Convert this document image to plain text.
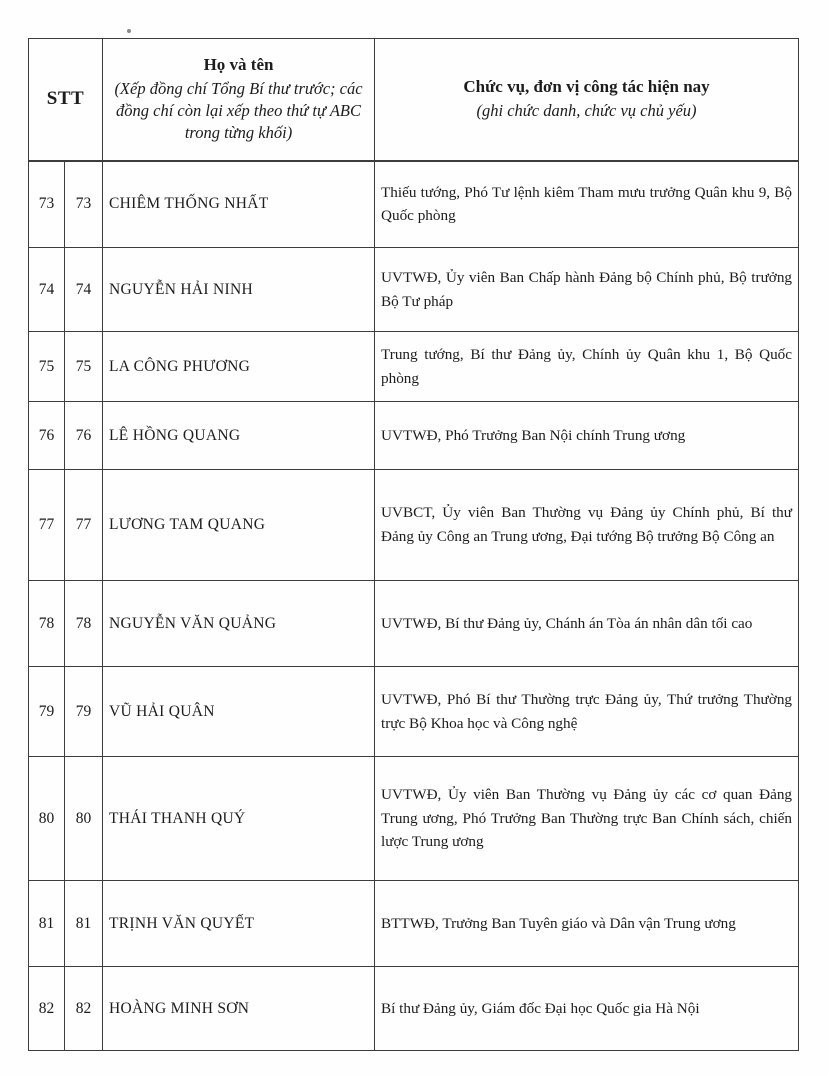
STT	
Họ và tên
(Xếp đồng chí Tổng Bí thư trước; các đồng chí còn lại xếp theo thứ tự ABC trong từng khối)

Chức vụ, đơn vị công tác hiện nay
(ghi chức danh, chức vụ chủ yếu)

73	73	CHIÊM THỐNG NHẤT	Thiếu tướng, Phó Tư lệnh kiêm Tham mưu trưởng Quân khu 9, Bộ Quốc phòng
74	74	NGUYỄN HẢI NINH	UVTWĐ, Ủy viên Ban Chấp hành Đảng bộ Chính phủ, Bộ trưởng Bộ Tư pháp
75	75	LA CÔNG PHƯƠNG	Trung tướng, Bí thư Đảng ủy, Chính ủy Quân khu 1, Bộ Quốc phòng
76	76	LÊ HỒNG QUANG	UVTWĐ, Phó Trưởng Ban Nội chính Trung ương
77	77	LƯƠNG TAM QUANG	UVBCT, Ủy viên Ban Thường vụ Đảng ủy Chính phủ, Bí thư Đảng ủy Công an Trung ương, Đại tướng Bộ trưởng Bộ Công an
78	78	NGUYỄN VĂN QUẢNG	UVTWĐ, Bí thư Đảng ủy, Chánh án Tòa án nhân dân tối cao
79	79	VŨ HẢI QUÂN	UVTWĐ, Phó Bí thư Thường trực Đảng ủy, Thứ trưởng Thường trực Bộ Khoa học và Công nghệ
80	80	THÁI THANH QUÝ	UVTWĐ, Ủy viên Ban Thường vụ Đảng ủy các cơ quan Đảng Trung ương, Phó Trưởng Ban Thường trực Ban Chính sách, chiến lược Trung ương
81	81	TRỊNH VĂN QUYẾT	BTTWĐ, Trưởng Ban Tuyên giáo và Dân vận Trung ương
82	82	HOÀNG MINH SƠN	Bí thư Đảng ủy, Giám đốc Đại học Quốc gia Hà Nội
